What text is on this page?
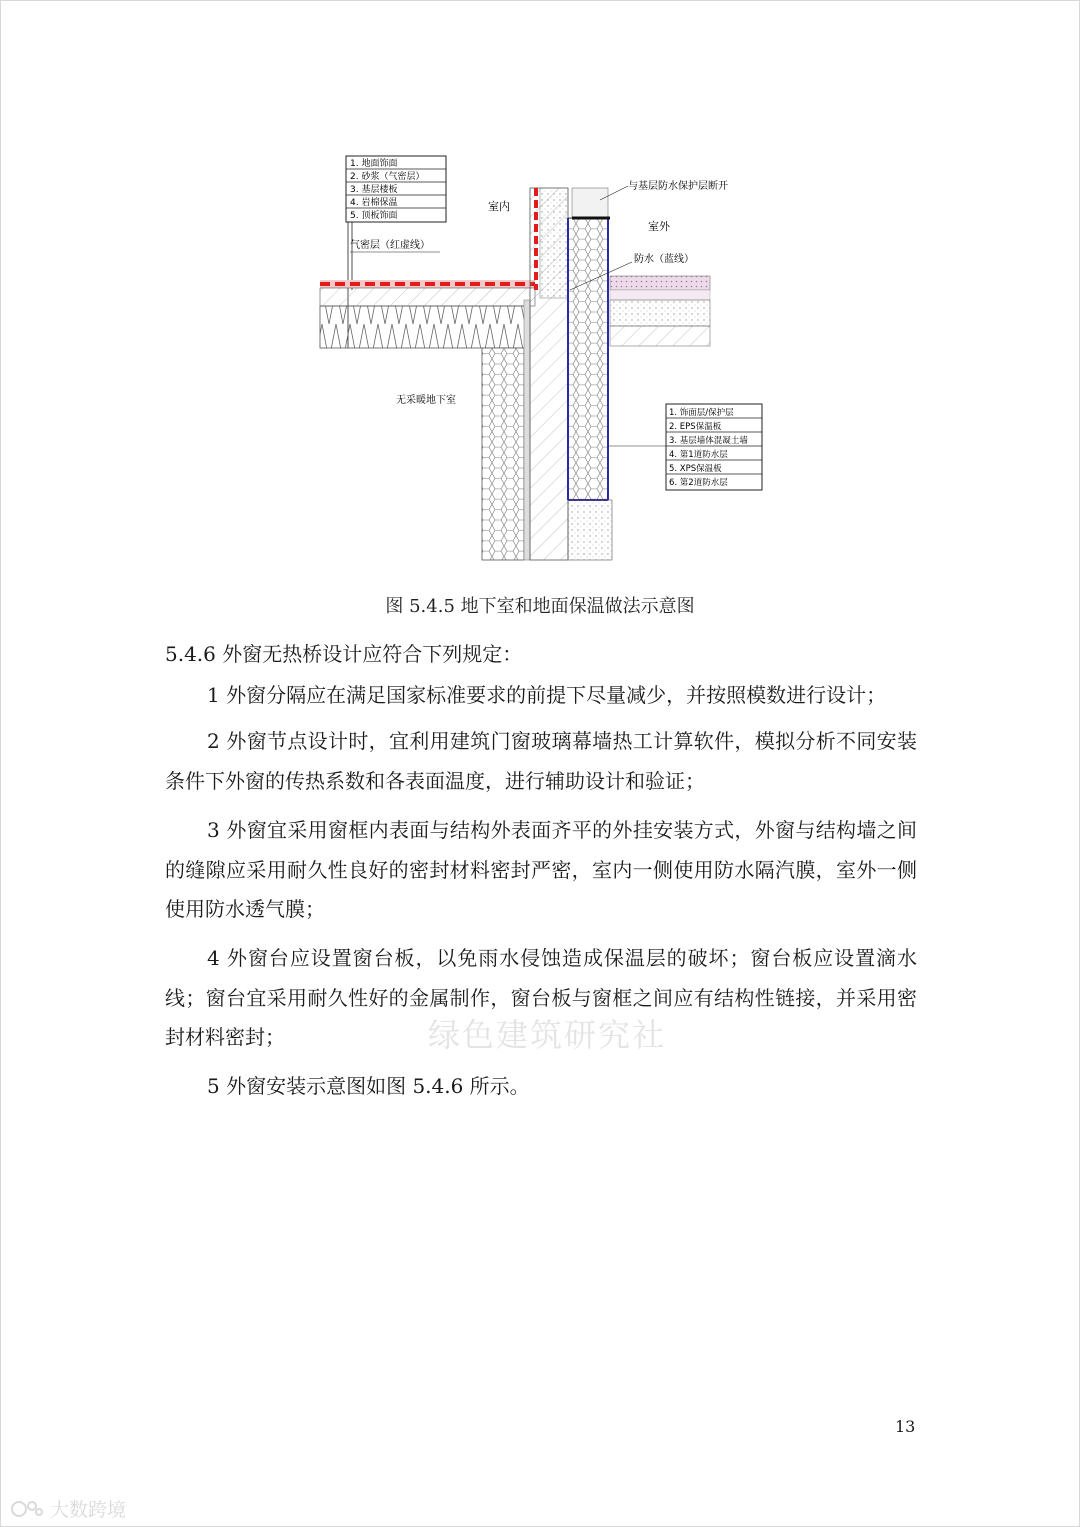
1. 地面饰面
2. 砂浆（气密层）
3. 基层楼板
4. 岩棉保温
5. 顶板饰面
气密层（红虚线）
室内
室外
无采暖地下室
与基层防水保护层断开
防水（蓝线）
1. 饰面层/保护层
2. EPS保温板
3. 基层墙体混凝土墙
4. 第1道防水层
5. XPS保温板
6. 第2道防水层
图 5.4.5 地下室和地面保温做法示意图
5.4.6 外窗无热桥设计应符合下列规定：
1 外窗分隔应在满足国家标准要求的前提下尽量减少，并按照模数进行设计；
2 外窗节点设计时，宜利用建筑门窗玻璃幕墙热工计算软件，模拟分析不同安装条件下外窗的传热系数和各表面温度，进行辅助设计和验证；
3 外窗宜采用窗框内表面与结构外表面齐平的外挂安装方式，外窗与结构墙之间的缝隙应采用耐久性良好的密封材料密封严密，室内一侧使用防水隔汽膜，室外一侧使用防水透气膜；
4 外窗台应设置窗台板，以免雨水侵蚀造成保温层的破坏；窗台板应设置滴水线；窗台宜采用耐久性好的金属制作，窗台板与窗框之间应有结构性链接，并采用密封材料密封；
5 外窗安装示意图如图 5.4.6 所示。
绿色建筑研究社
13
大数跨境
